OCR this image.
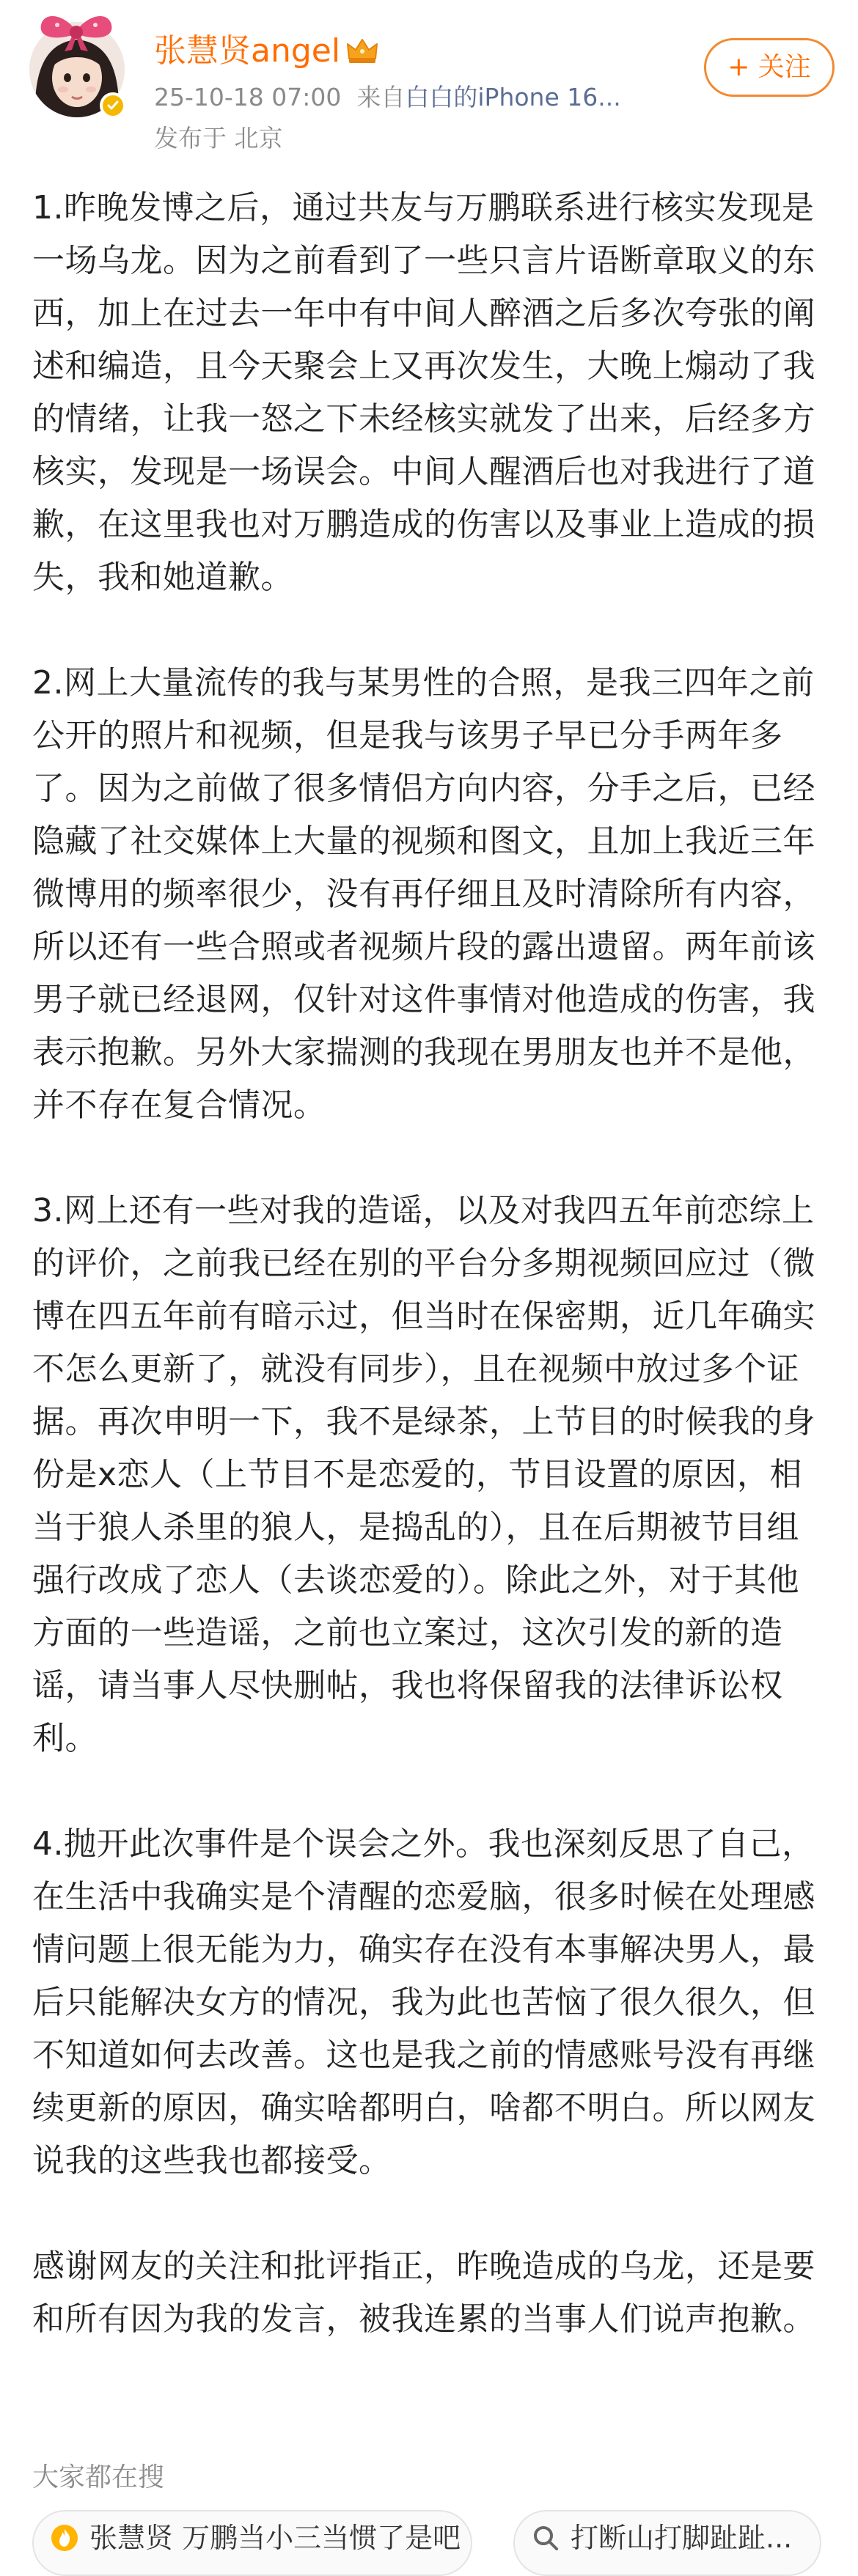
张慧贤angel
25-10-18 07:00 来自白白的iPhone 16...
发布于 北京
+ 关注

1.昨晚发博之后，通过共友与万鹏联系进行核实发现是一场乌龙。因为之前看到了一些只言片语断章取义的东西，加上在过去一年中有中间人醉酒之后多次夸张的阐述和编造，且今天聚会上又再次发生，大晚上煽动了我的情绪，让我一怒之下未经核实就发了出来，后经多方核实，发现是一场误会。中间人醒酒后也对我进行了道歉，在这里我也对万鹏造成的伤害以及事业上造成的损失，我和她道歉。

2.网上大量流传的我与某男性的合照，是我三四年之前公开的照片和视频，但是我与该男子早已分手两年多了。因为之前做了很多情侣方向内容，分手之后，已经隐藏了社交媒体上大量的视频和图文，且加上我近三年微博用的频率很少，没有再仔细且及时清除所有内容，所以还有一些合照或者视频片段的露出遗留。两年前该男子就已经退网，仅针对这件事情对他造成的伤害，我表示抱歉。另外大家揣测的我现在男朋友也并不是他，并不存在复合情况。

3.网上还有一些对我的造谣，以及对我四五年前恋综上的评价，之前我已经在别的平台分多期视频回应过（微博在四五年前有暗示过，但当时在保密期，近几年确实不怎么更新了，就没有同步），且在视频中放过多个证据。再次申明一下，我不是绿茶，上节目的时候我的身份是x恋人（上节目不是恋爱的，节目设置的原因，相当于狼人杀里的狼人，是捣乱的），且在后期被节目组强行改成了恋人（去谈恋爱的）。除此之外，对于其他方面的一些造谣，之前也立案过，这次引发的新的造谣，请当事人尽快删帖，我也将保留我的法律诉讼权利。

4.抛开此次事件是个误会之外。我也深刻反思了自己，在生活中我确实是个清醒的恋爱脑，很多时候在处理感情问题上很无能为力，确实存在没有本事解决男人，最后只能解决女方的情况，我为此也苦恼了很久很久，但不知道如何去改善。这也是我之前的情感账号没有再继续更新的原因，确实啥都明白，啥都不明白。所以网友说我的这些我也都接受。

感谢网友的关注和批评指正，昨晚造成的乌龙，还是要和所有因为我的发言，被我连累的当事人们说声抱歉。

大家都在搜
张慧贤 万鹏当小三当惯了是吧	打断山打脚趾趾...
